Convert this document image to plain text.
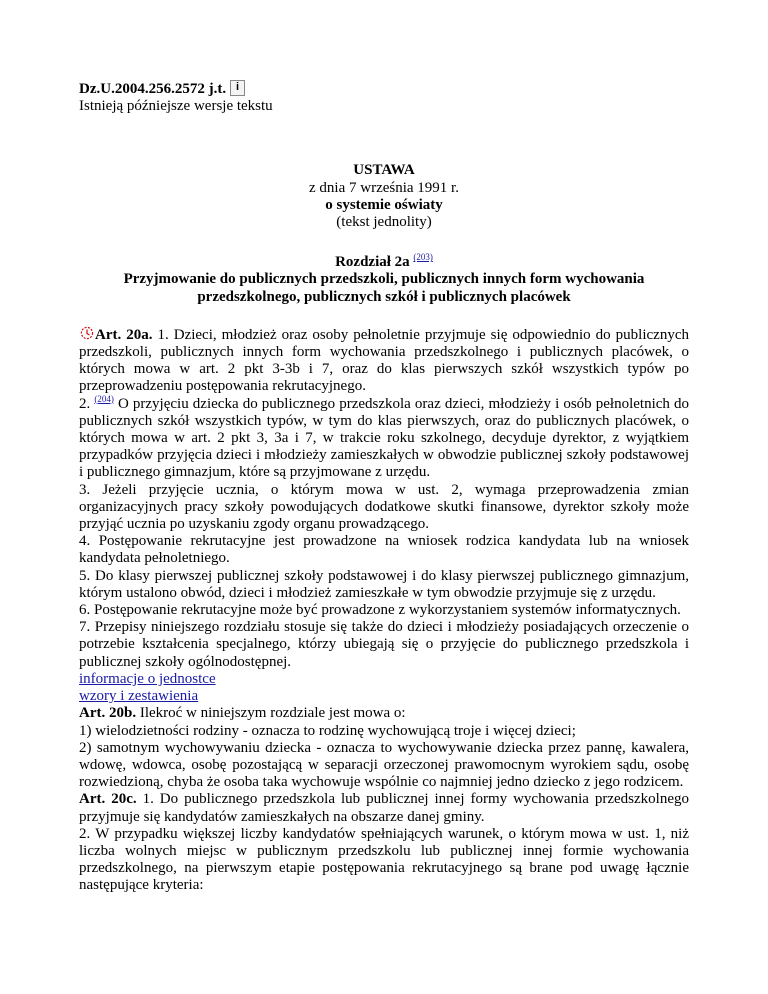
Dz.U.2004.256.2572 j.t. i
Istnieją późniejsze wersje tekstu
USTAWA
z dnia 7 września 1991 r.
o systemie oświaty
(tekst jednolity)
Rozdział 2a $^{(203)}$
Przyjmowanie do publicznych przedszkoli, publicznych innych form wychowania
przedszkolnego, publicznych szkół i publicznych placówek

Art. 20a. 1. Dzieci, młodzież oraz osoby pełnoletnie przyjmuje się odpowiednio do publicznych przedszkoli, publicznych innych form wychowania przedszkolnego i publicznych placówek, o których mowa w art. 2 pkt 3-3b i 7, oraz do klas pierwszych szkół wszystkich typów po przeprowadzeniu postępowania rekrutacyjnego.

2. $^{(204)}$ O przyjęciu dziecka do publicznego przedszkola oraz dzieci, młodzieży i osób pełnoletnich do publicznych szkół wszystkich typów, w tym do klas pierwszych, oraz do publicznych placówek, o których mowa w art. 2 pkt 3, 3a i 7, w trakcie roku szkolnego, decyduje dyrektor, z wyjątkiem przypadków przyjęcia dzieci i młodzieży zamieszkałych w obwodzie publicznej szkoły podstawowej i publicznego gimnazjum, które są przyjmowane z urzędu.

3. Jeżeli przyjęcie ucznia, o którym mowa w ust. 2, wymaga przeprowadzenia zmian organizacyjnych pracy szkoły powodujących dodatkowe skutki finansowe, dyrektor szkoły może przyjąć ucznia po uzyskaniu zgody organu prowadzącego.

4. Postępowanie rekrutacyjne jest prowadzone na wniosek rodzica kandydata lub na wniosek kandydata pełnoletniego.

5. Do klasy pierwszej publicznej szkoły podstawowej i do klasy pierwszej publicznego gimnazjum, którym ustalono obwód, dzieci i młodzież zamieszkałe w tym obwodzie przyjmuje się z urzędu.

6. Postępowanie rekrutacyjne może być prowadzone z wykorzystaniem systemów informatycznych.

7. Przepisy niniejszego rozdziału stosuje się także do dzieci i młodzieży posiadających orzeczenie o potrzebie kształcenia specjalnego, którzy ubiegają się o przyjęcie do publicznego przedszkola i publicznej szkoły ogólnodostępnej.

informacje o jednostce
wzory i zestawienia

Art. 20b. Ilekroć w niniejszym rozdziale jest mowa o:

1) wielodzietności rodziny - oznacza to rodzinę wychowującą troje i więcej dzieci;

2) samotnym wychowywaniu dziecka - oznacza to wychowywanie dziecka przez pannę, kawalera, wdowę, wdowca, osobę pozostającą w separacji orzeczonej prawomocnym wyrokiem sądu, osobę rozwiedzioną, chyba że osoba taka wychowuje wspólnie co najmniej jedno dziecko z jego rodzicem.

Art. 20c. 1. Do publicznego przedszkola lub publicznej innej formy wychowania przedszkolnego przyjmuje się kandydatów zamieszkałych na obszarze danej gminy.

2. W przypadku większej liczby kandydatów spełniających warunek, o którym mowa w ust. 1, niż liczba wolnych miejsc w publicznym przedszkolu lub publicznej innej formie wychowania przedszkolnego, na pierwszym etapie postępowania rekrutacyjnego są brane pod uwagę łącznie następujące kryteria:
